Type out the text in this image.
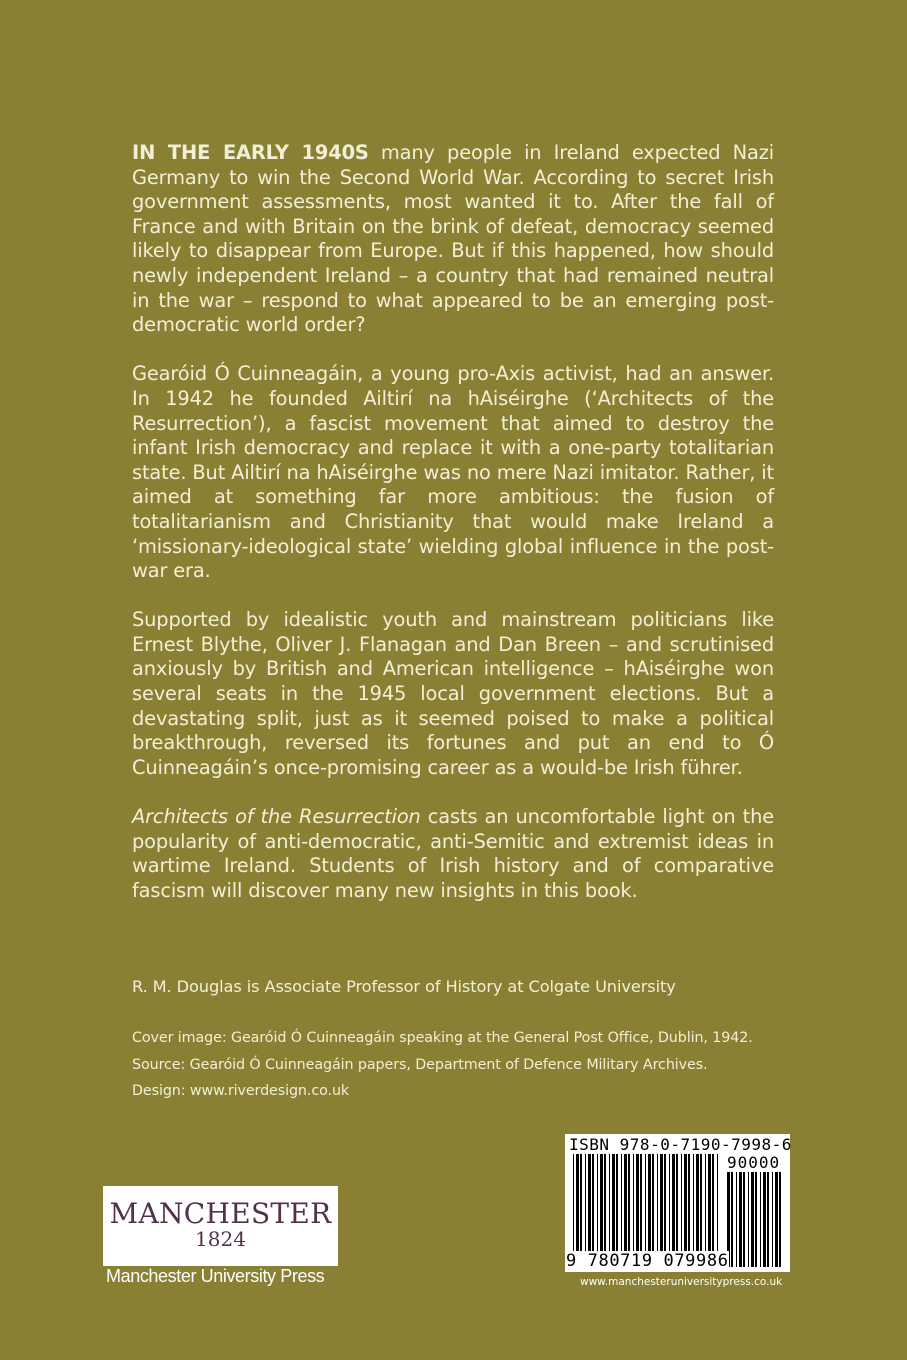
IN THE EARLY 1940S many people in Ireland expected Nazi Germany to win the Second World War. According to secret Irish government assessments, most wanted it to. After the fall of France and with Britain on the brink of defeat, democracy seemed likely to disappear from Europe. But if this happened, how should newly independent Ireland – a country that had remained neutral in the war – respond to what appeared to be an emerging post-democratic world order?

Gearóid Ó Cuinneagáin, a young pro-Axis activist, had an answer. In 1942 he founded Ailtirí na hAiséirghe (‘Architects of the Resurrection’), a fascist movement that aimed to destroy the infant Irish democracy and replace it with a one-party totalitarian state. But Ailtirí na hAiséirghe was no mere Nazi imitator. Rather, it aimed at something far more ambitious: the fusion of totalitarianism and Christianity that would make Ireland a ‘missionary-ideological state’ wielding global influence in the post-war era.

Supported by idealistic youth and mainstream politicians like Ernest Blythe, Oliver J. Flanagan and Dan Breen – and scrutinised anxiously by British and American intelligence – hAiséirghe won several seats in the 1945 local government elections. But a devastating split, just as it seemed poised to make a political breakthrough, reversed its fortunes and put an end to Ó Cuinneagáin’s once-promising career as a would-be Irish führer.

Architects of the Resurrection casts an uncomfortable light on the popularity of anti-democratic, anti-Semitic and extremist ideas in wartime Ireland. Students of Irish history and of comparative fascism will discover many new insights in this book.

R. M. Douglas is Associate Professor of History at Colgate University
Cover image: Gearóid Ó Cuinneagáin speaking at the General Post Office, Dublin, 1942.
Source: Gearóid Ó Cuinneagáin papers, Department of Defence Military Archives.
Design: www.riverdesign.co.uk
MANCHESTER
1824
Manchester University Press
ISBN 978-0-7190-7998-6
90000
9 780719 079986
www.manchesteruniversitypress.co.uk
